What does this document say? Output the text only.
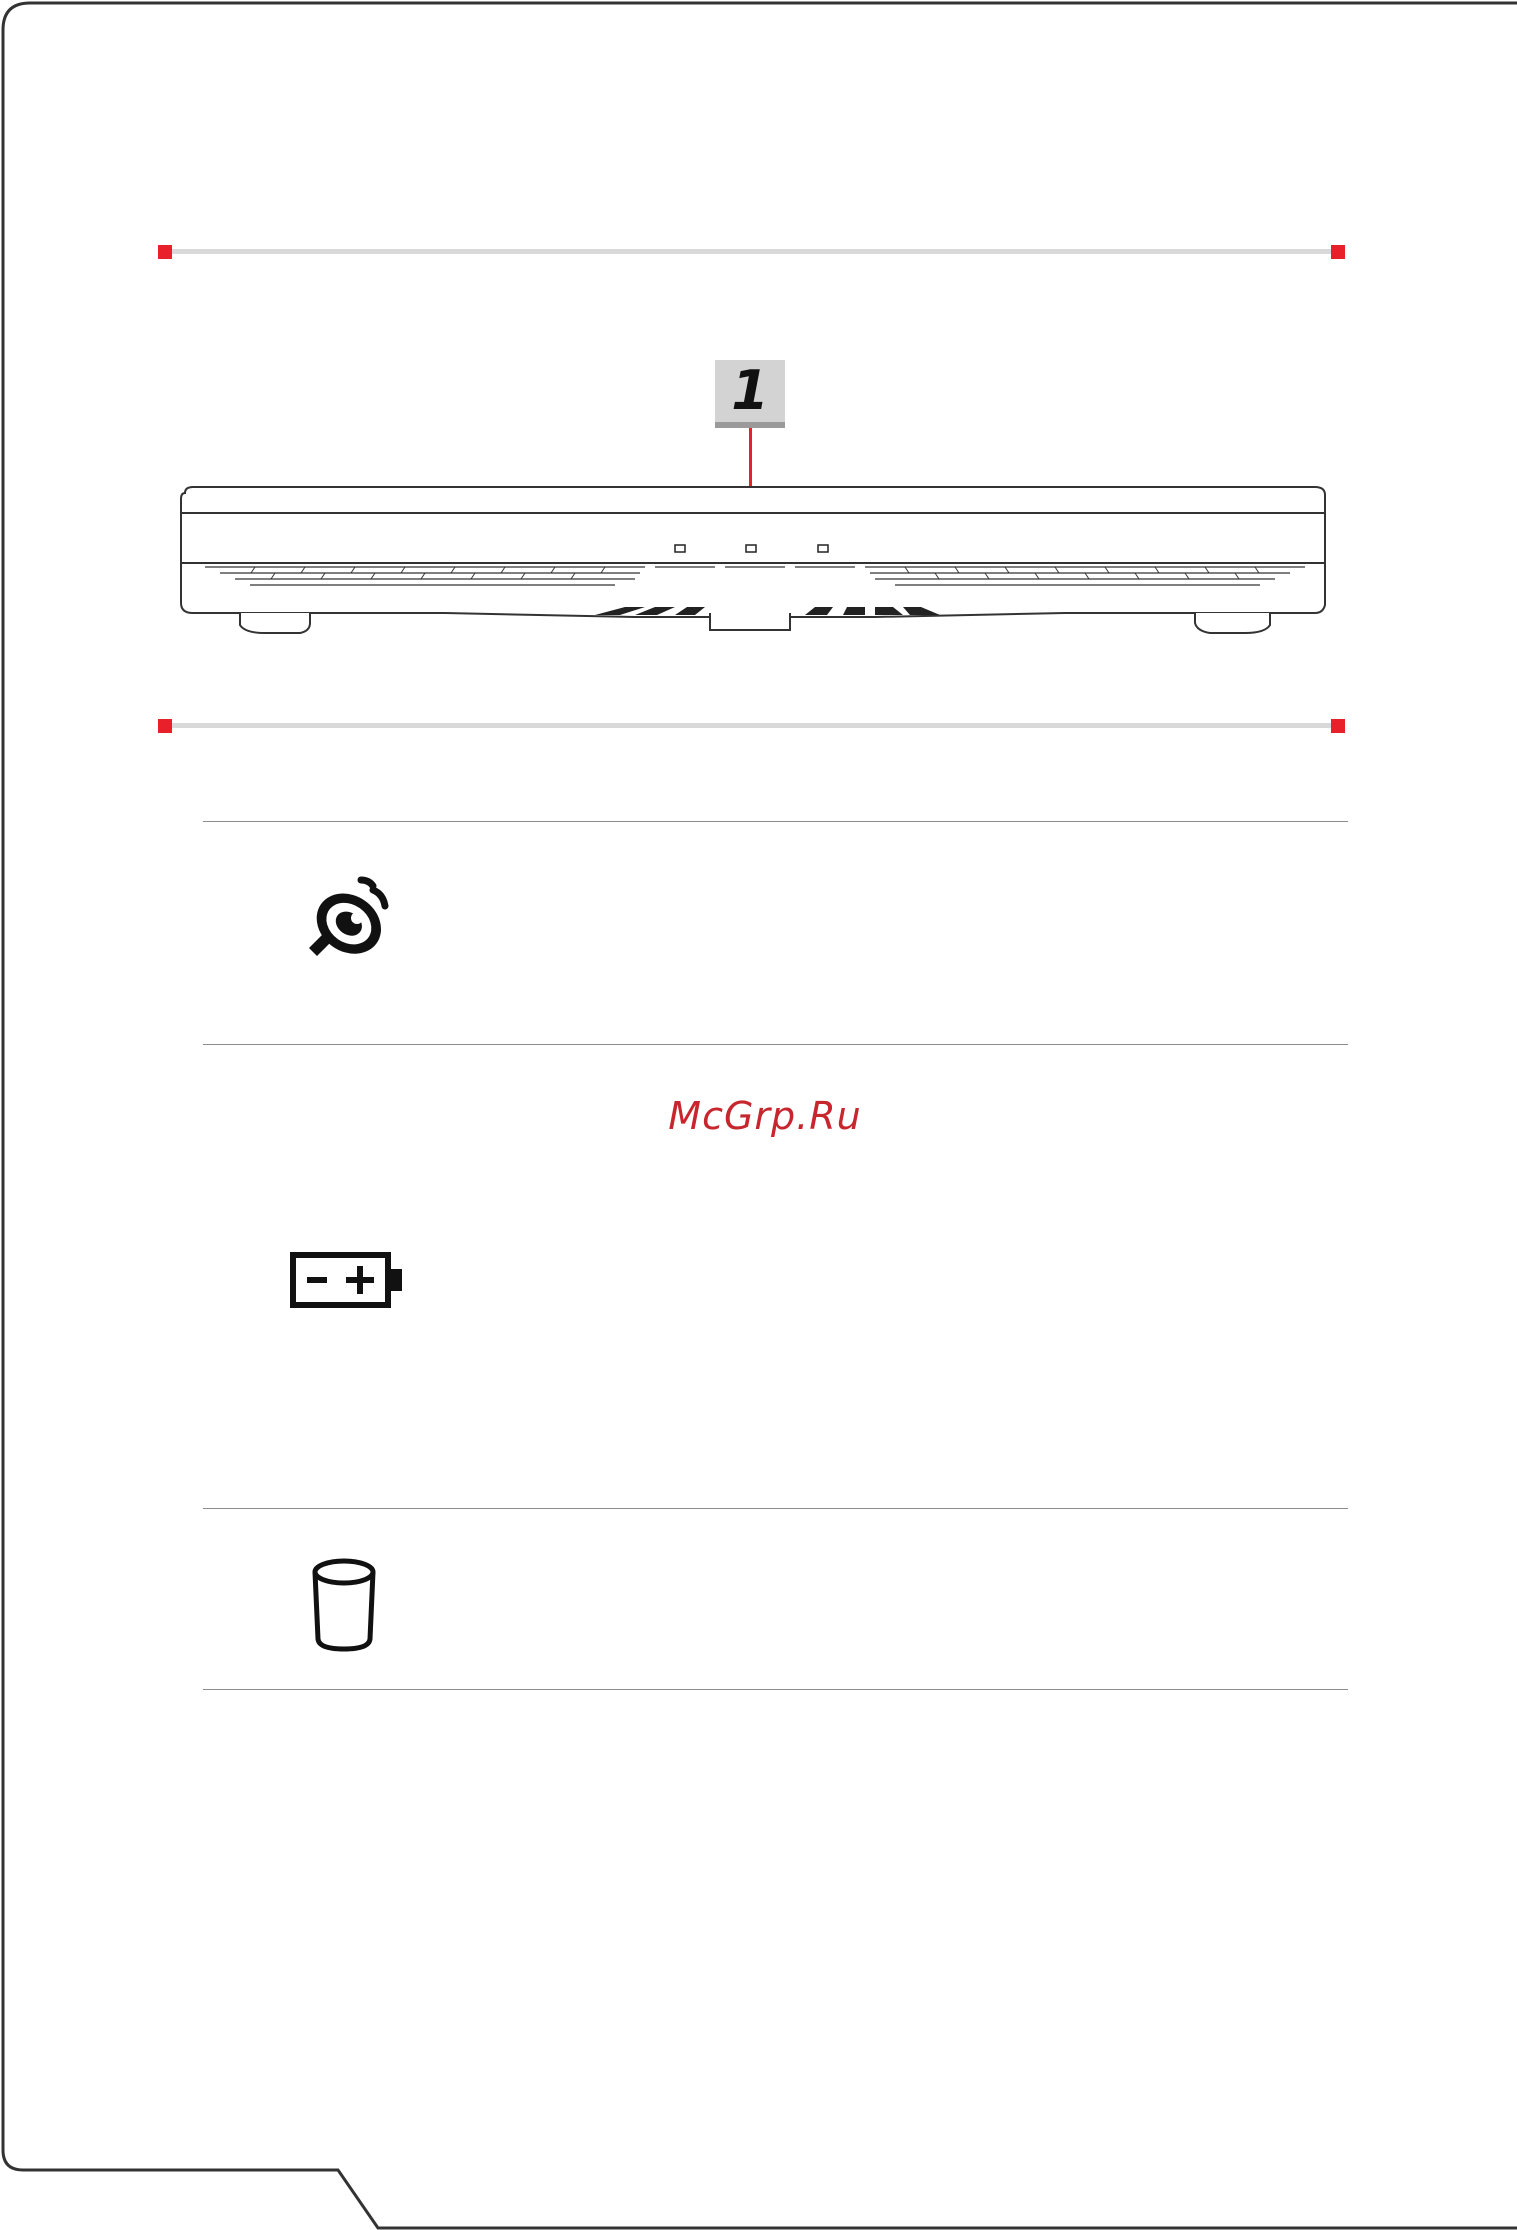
1
McGrp.Ru
